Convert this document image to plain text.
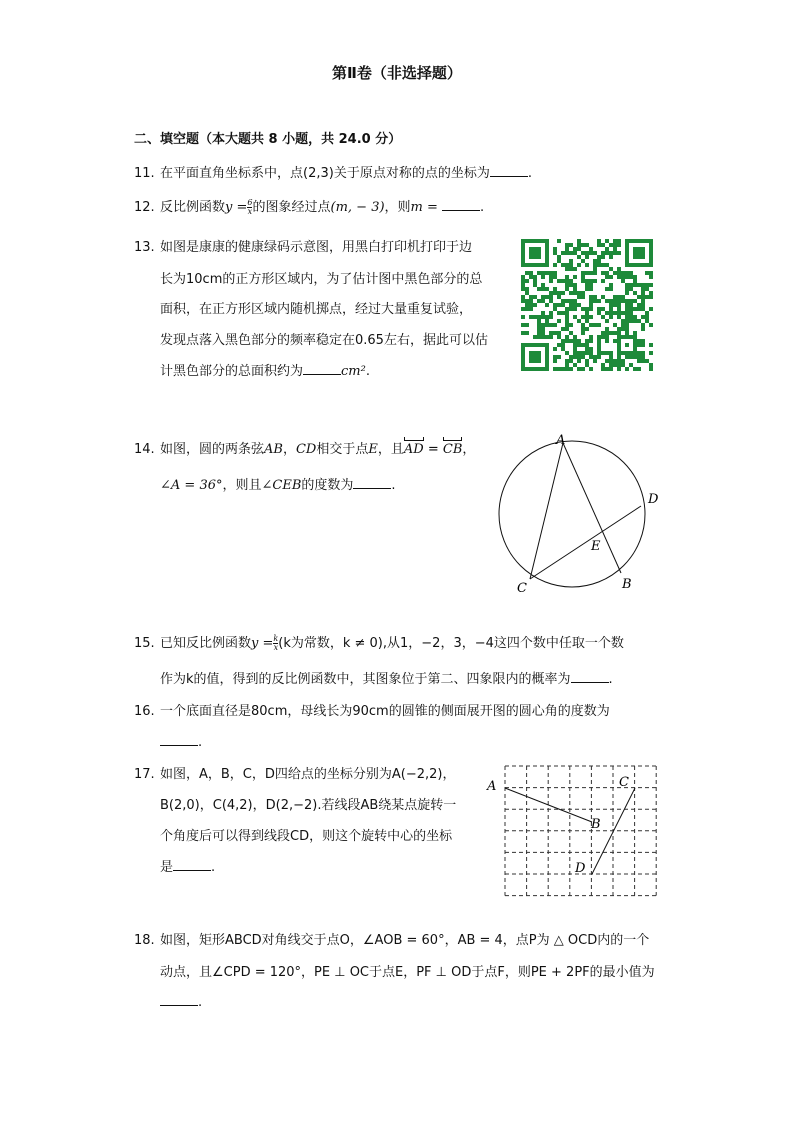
第Ⅱ卷（非选择题）
二、填空题（本大题共 8 小题，共 24.0 分）
11. 在平面直角坐标系中，点(2,3)关于原点对称的点的坐标为	.
12. 反比例函数$y = \frac{6}{x}$ 的图象经过点(m, − 3)，则m =	.
13. 如图是康康的健康绿码示意图，用黑白打印机打印于边
长为10cm的正方形区域内，为了估计图中黑色部分的总
面积，在正方形区域内随机掷点，经过大量重复试验，
发现点落入黑色部分的频率稳定在0.65左右，据此可以估
计黑色部分的总面积约为	cm².
14. 如图，圆的两条弦AB，CD相交于点E，且AD = CB，
∠A = 36°，则且∠CEB的度数为	.
A
B
C
D
E
15. 已知反比例函数$y = \frac{k}{x} (k$为常数，k ≠ 0),从1，−2，3，−4这四个数中任取一个数
作为k的值，得到的反比例函数中，其图象位于第二、四象限内的概率为	.
16. 一个底面直径是80cm，母线长为90cm的圆锥的侧面展开图的圆心角的度数为
.
17. 如图，A，B，C，D四给点的坐标分别为A(−2,2)，
B(2,0)，C(4,2)，D(2,−2).若线段AB绕某点旋转一
个角度后可以得到线段CD，则这个旋转中心的坐标
是	.
A
B
C
D
18. 如图，矩形ABCD对角线交于点O，∠AOB = 60°，AB = 4，点P为 △ OCD内的一个
动点，且∠CPD = 120°，PE ⊥ OC于点E，PF ⊥ OD于点F，则PE + 2PF的最小值为
.
